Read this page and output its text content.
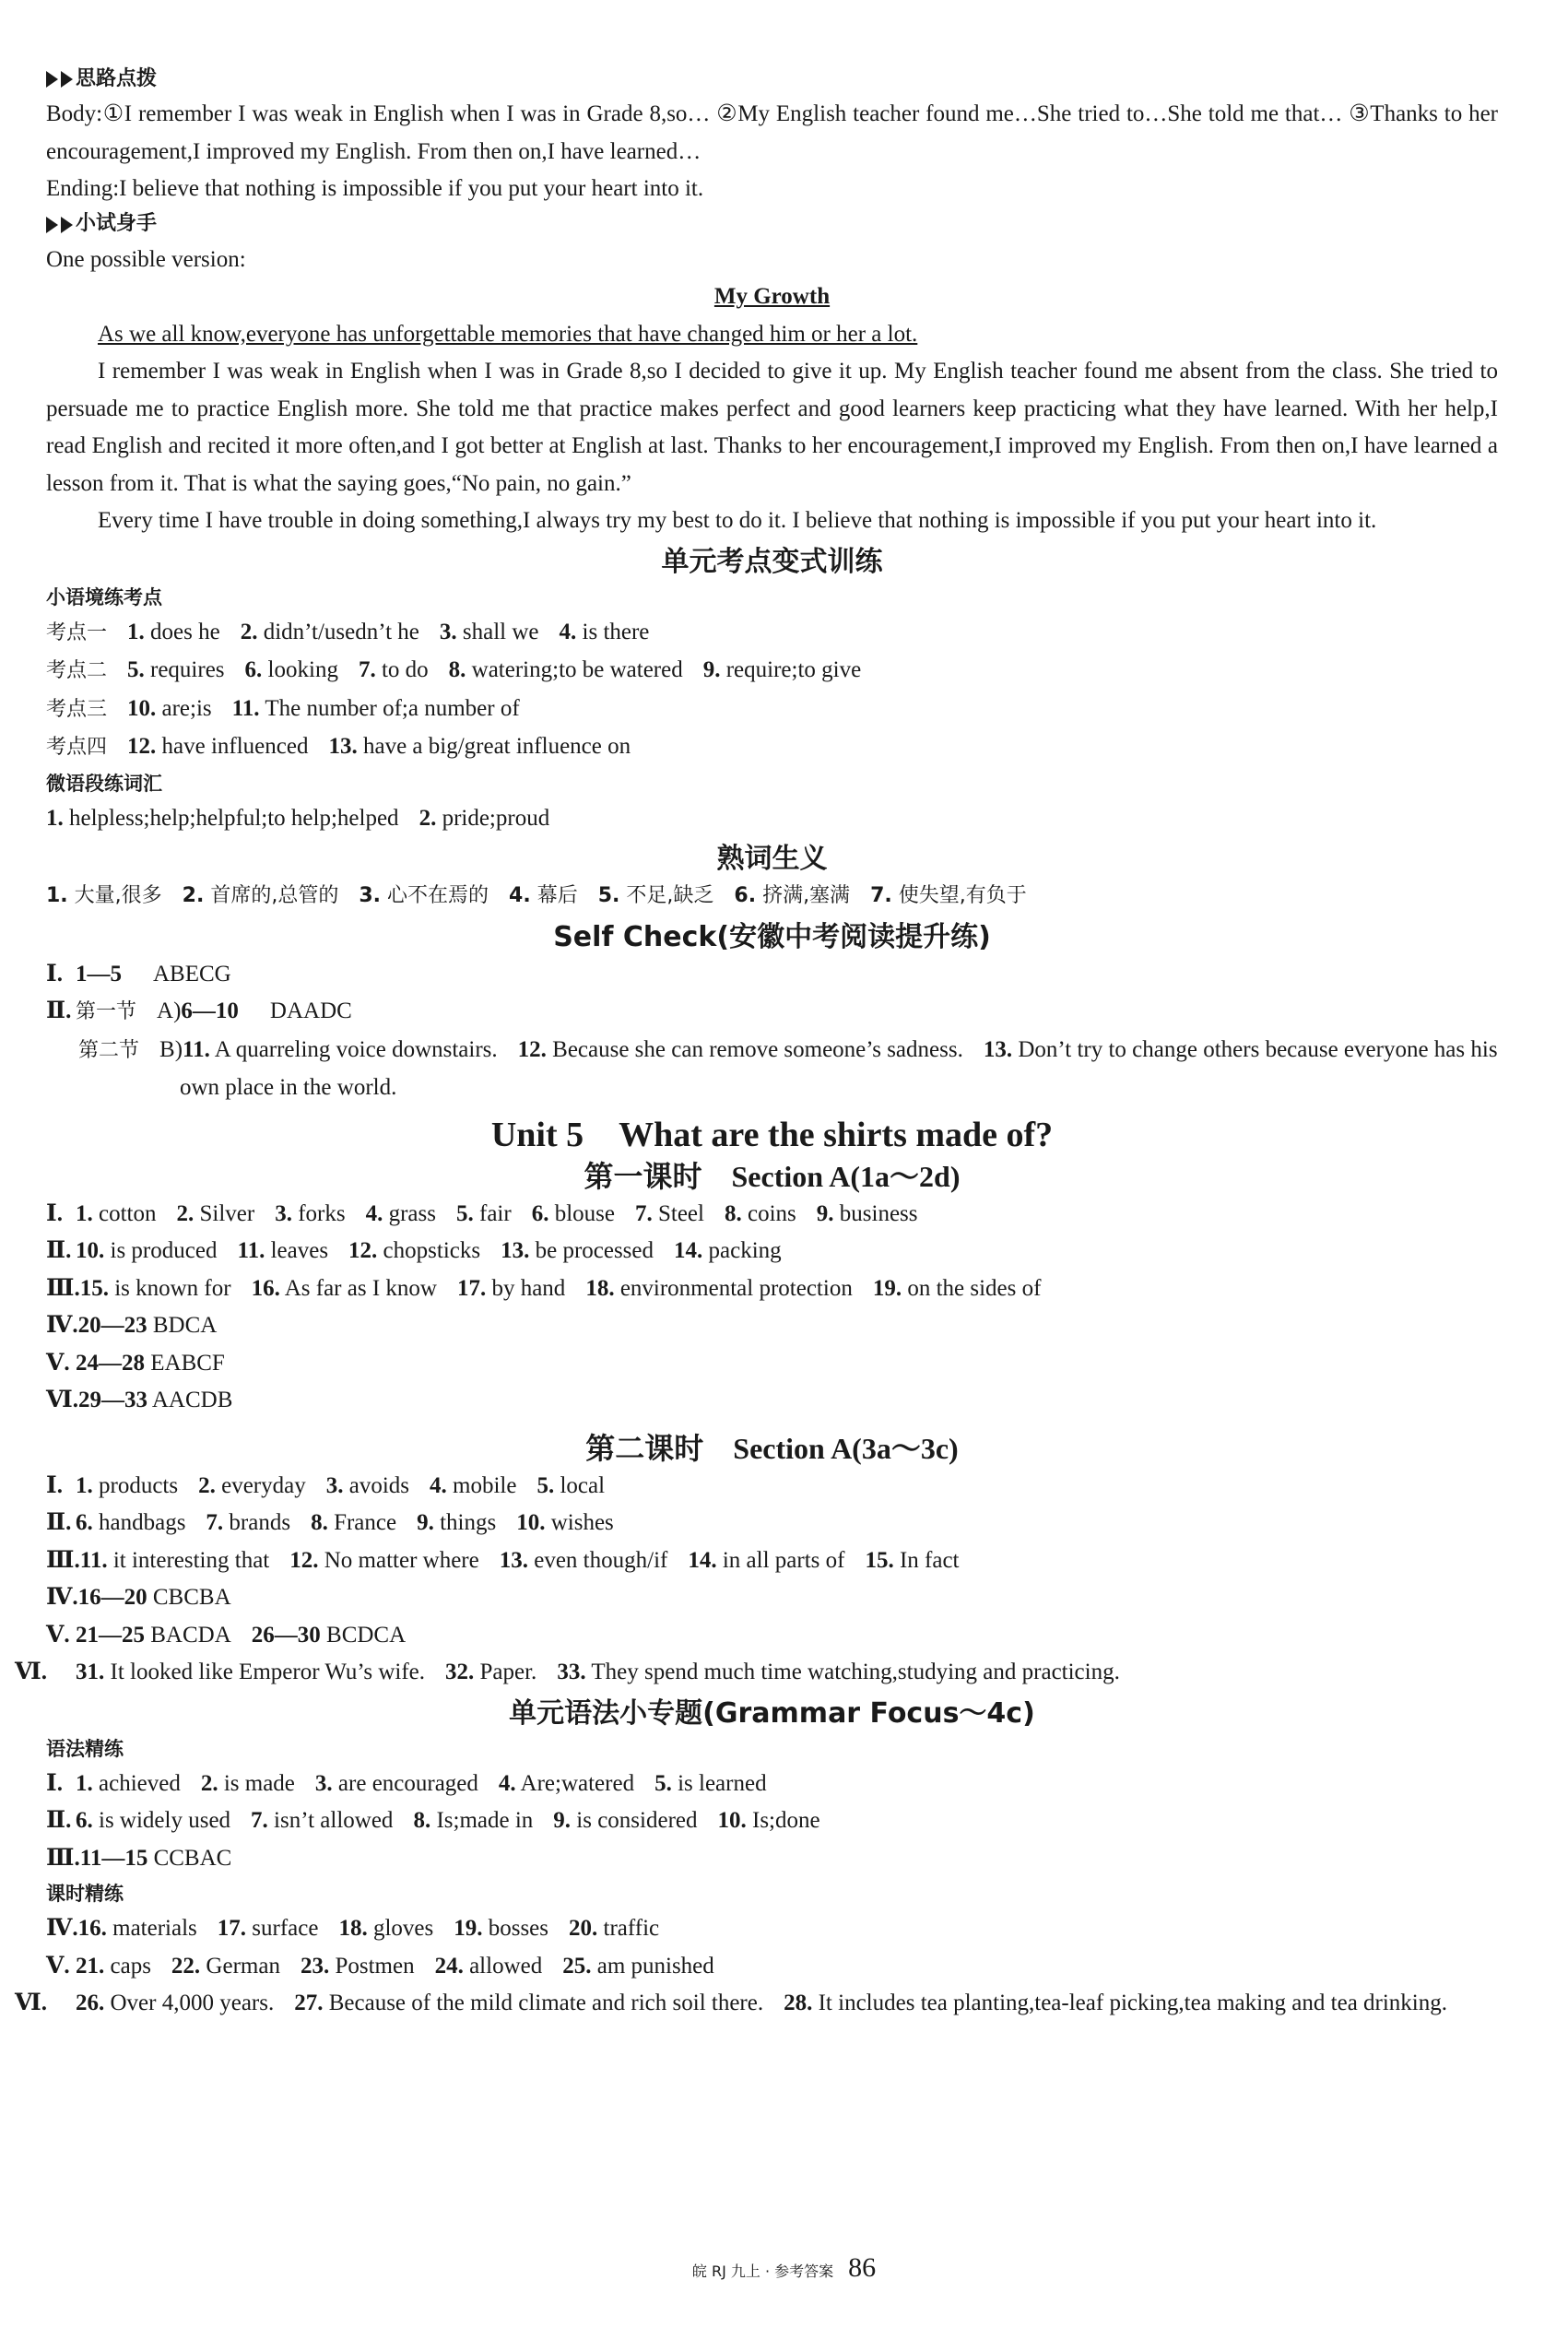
思路点拨

Body:①I remember I was weak in English when I was in Grade 8,so… ②My English teacher found me…She tried to…She told me that… ③Thanks to her encouragement,I improved my English. From then on,I have learned…

Ending:I believe that nothing is impossible if you put your heart into it.

小试身手

One possible version:

My Growth

As we all know,everyone has unforgettable memories that have changed him or her a lot.

I remember I was weak in English when I was in Grade 8,so I decided to give it up. My English teacher found me absent from the class. She tried to persuade me to practice English more. She told me that practice makes perfect and good learners keep practicing what they have learned. With her help,I read English and recited it more often,and I got better at English at last. Thanks to her encouragement,I improved my English. From then on,I have learned a lesson from it. That is what the saying goes,“No pain, no gain.”

Every time I have trouble in doing something,I always try my best to do it. I believe that nothing is impossible if you put your heart into it.

单元考点变式训练

小语境练考点

考点一 1. does he 2. didn’t/usedn’t he 3. shall we 4. is there

考点二 5. requires 6. looking 7. to do 8. watering;to be watered 9. require;to give

考点三 10. are;is 11. The number of;a number of

考点四 12. have influenced 13. have a big/great influence on

微语段练词汇

1. helpless;help;helpful;to help;helped 2. pride;proud

熟词生义

1. 大量,很多 2. 首席的,总管的 3. 心不在焉的 4. 幕后 5. 不足,缺乏 6. 挤满,塞满 7. 使失望,有负于

Self Check(安徽中考阅读提升练)

Ⅰ. 1—5 ABECG

Ⅱ. 第一节 A)6—10 DAADC

第二节 B)11. A quarreling voice downstairs. 12. Because she can remove someone’s sadness. 13. Don’t try to change others because everyone has his own place in the world.

Unit 5　What are the shirts made of?

第一课时　Section A(1a～2d)

Ⅰ. 1. cotton 2. Silver 3. forks 4. grass 5. fair 6. blouse 7. Steel 8. coins 9. business

Ⅱ. 10. is produced 11. leaves 12. chopsticks 13. be processed 14. packing

Ⅲ.15. is known for 16. As far as I know 17. by hand 18. environmental protection 19. on the sides of

Ⅳ.20—23 BDCA

Ⅴ. 24—28 EABCF

Ⅵ.29—33 AACDB

第二课时　Section A(3a～3c)

Ⅰ. 1. products 2. everyday 3. avoids 4. mobile 5. local

Ⅱ. 6. handbags 7. brands 8. France 9. things 10. wishes

Ⅲ.11. it interesting that 12. No matter where 13. even though/if 14. in all parts of 15. In fact

Ⅳ.16—20 CBCBA

Ⅴ. 21—25 BACDA 26—30 BCDCA

Ⅵ. 31. It looked like Emperor Wu’s wife. 32. Paper. 33. They spend much time watching,studying and practicing.

单元语法小专题(Grammar Focus～4c)

语法精练

Ⅰ. 1. achieved 2. is made 3. are encouraged 4. Are;watered 5. is learned

Ⅱ. 6. is widely used 7. isn’t allowed 8. Is;made in 9. is considered 10. Is;done

Ⅲ.11—15 CCBAC

课时精练

Ⅳ.16. materials 17. surface 18. gloves 19. bosses 20. traffic

Ⅴ. 21. caps 22. German 23. Postmen 24. allowed 25. am punished

Ⅵ. 26. Over 4,000 years. 27. Because of the mild climate and rich soil there. 28. It includes tea planting,tea-leaf picking,tea making and tea drinking.

皖 RJ 九上 · 参考答案 86
